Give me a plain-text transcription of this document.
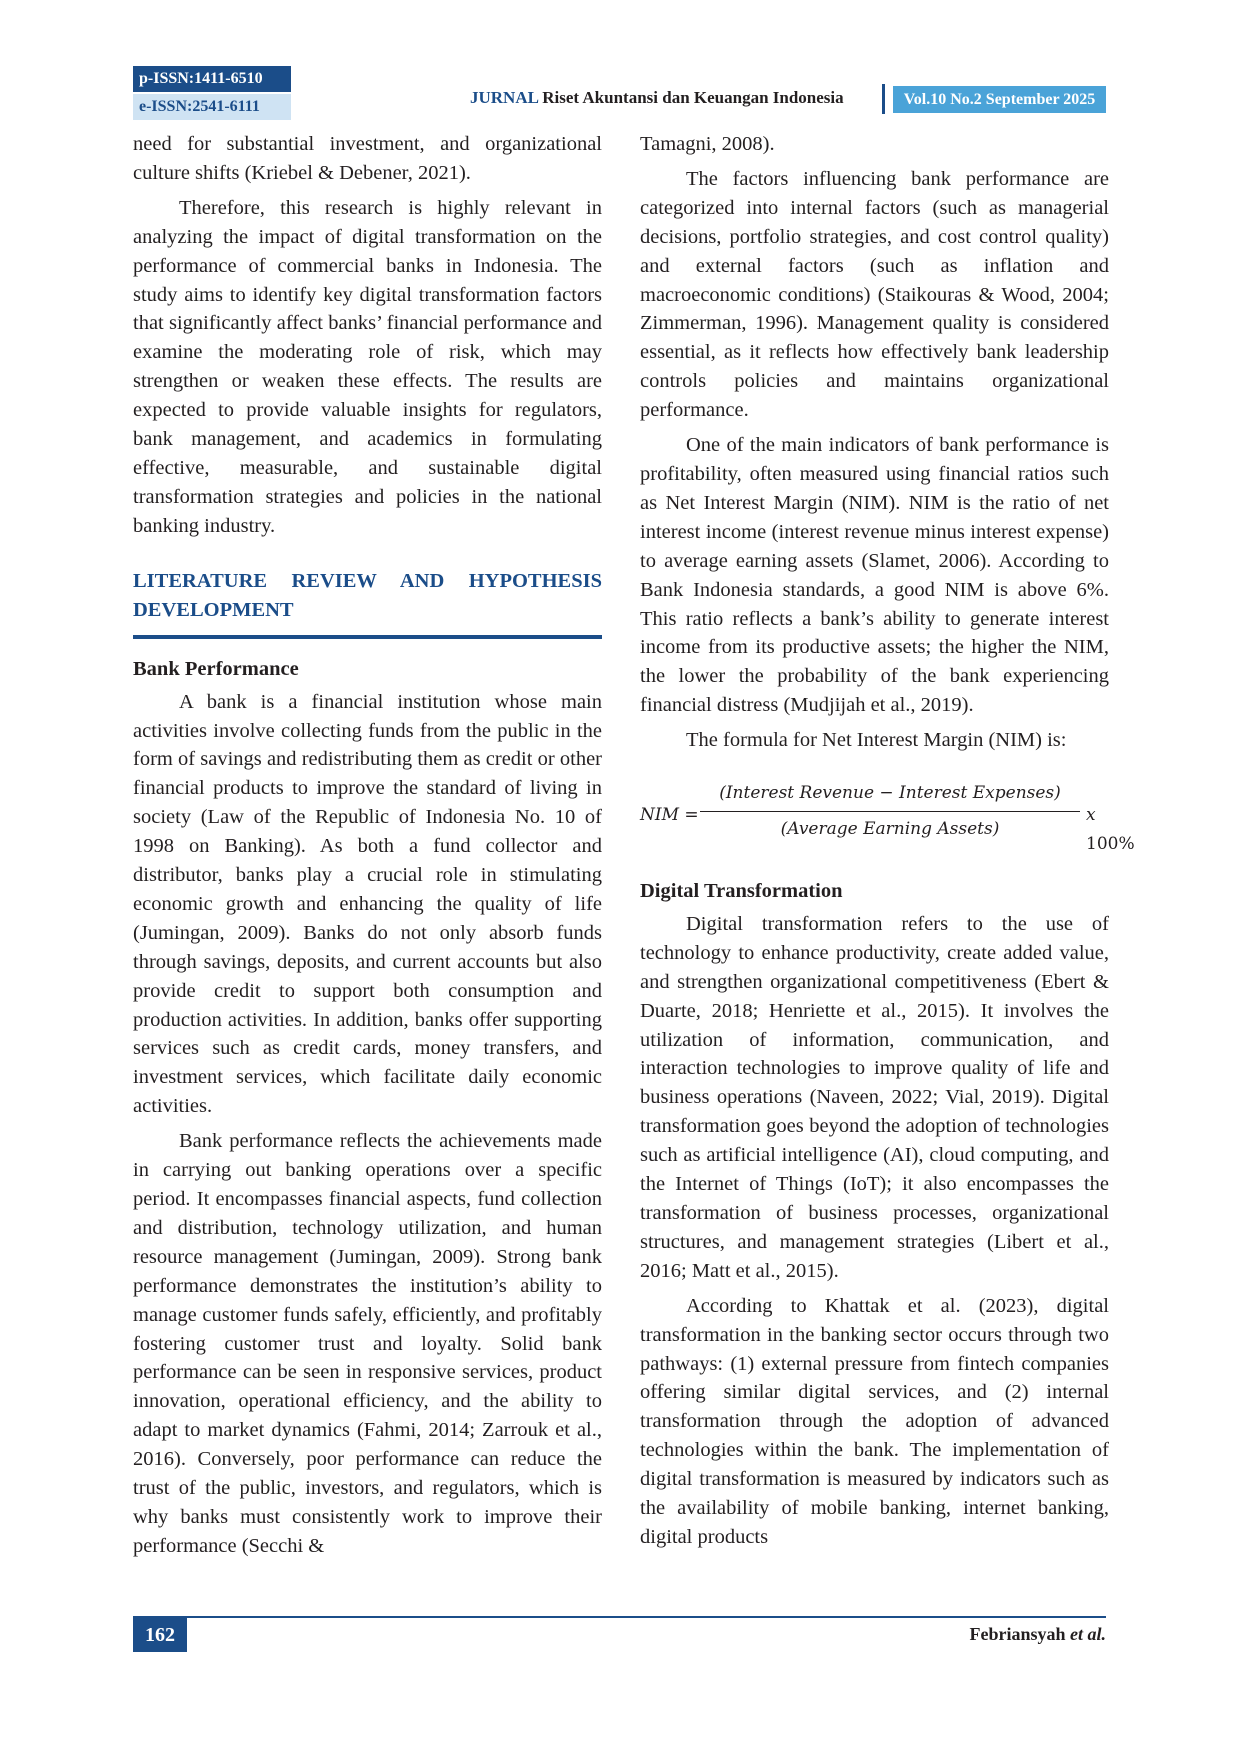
p-ISSN:1411-6510
e-ISSN:2541-6111	JURNAL Riset Akuntansi dan Keuangan Indonesia	Vol.10 No.2 September 2025

need for substantial investment, and organizational culture shifts (Kriebel & Debener, 2021).

Therefore, this research is highly relevant in analyzing the impact of digital transformation on the performance of commercial banks in Indonesia. The study aims to identify key digital transformation factors that significantly affect banks’ financial performance and examine the moderating role of risk, which may strengthen or weaken these effects. The results are expected to provide valuable insights for regulators, bank management, and academics in formulating effective, measurable, and sustainable digital transformation strategies and policies in the national banking industry.

LITERATURE REVIEW AND HYPOTHESIS DEVELOPMENT
Bank Performance

A bank is a financial institution whose main activities involve collecting funds from the public in the form of savings and redistributing them as credit or other financial products to improve the standard of living in society (Law of the Republic of Indonesia No. 10 of 1998 on Banking). As both a fund collector and distributor, banks play a crucial role in stimulating economic growth and enhancing the quality of life (Jumingan, 2009). Banks do not only absorb funds through savings, deposits, and current accounts but also provide credit to support both consumption and production activities. In addition, banks offer supporting services such as credit cards, money transfers, and investment services, which facilitate daily economic activities.

Bank performance reflects the achievements made in carrying out banking operations over a specific period. It encompasses financial aspects, fund collection and distribution, technology utilization, and human resource management (Jumingan, 2009). Strong bank performance demonstrates the institution’s ability to manage customer funds safely, efficiently, and profitably fostering customer trust and loyalty. Solid bank performance can be seen in responsive services, product innovation, operational efficiency, and the ability to adapt to market dynamics (Fahmi, 2014; Zarrouk et al., 2016). Conversely, poor performance can reduce the trust of the public, investors, and regulators, which is why banks must consistently work to improve their performance (Secchi &

Tamagni, 2008).

The factors influencing bank performance are categorized into internal factors (such as managerial decisions, portfolio strategies, and cost control quality) and external factors (such as inflation and macroeconomic conditions) (Staikouras & Wood, 2004; Zimmerman, 1996). Management quality is considered essential, as it reflects how effectively bank leadership controls policies and maintains organizational performance.

One of the main indicators of bank performance is profitability, often measured using financial ratios such as Net Interest Margin (NIM). NIM is the ratio of net interest income (interest revenue minus interest expense) to average earning assets (Slamet, 2006). According to Bank Indonesia standards, a good NIM is above 6%. This ratio reflects a bank’s ability to generate interest income from its productive assets; the higher the NIM, the lower the probability of the bank experiencing financial distress (Mudjijah et al., 2019).

The formula for Net Interest Margin (NIM) is:

NIM =
(Interest Revenue − Interest Expenses)
(Average Earning Assets)
x 100%
Digital Transformation

Digital transformation refers to the use of technology to enhance productivity, create added value, and strengthen organizational competitiveness (Ebert & Duarte, 2018; Henriette et al., 2015). It involves the utilization of information, communication, and interaction technologies to improve quality of life and business operations (Naveen, 2022; Vial, 2019). Digital transformation goes beyond the adoption of technologies such as artificial intelligence (AI), cloud computing, and the Internet of Things (IoT); it also encompasses the transformation of business processes, organizational structures, and management strategies (Libert et al., 2016; Matt et al., 2015).

According to Khattak et al. (2023), digital transformation in the banking sector occurs through two pathways: (1) external pressure from fintech companies offering similar digital services, and (2) internal transformation through the adoption of advanced technologies within the bank. The implementation of digital transformation is measured by indicators such as the availability of mobile banking, internet banking, digital products

162	Febriansyah et al.
